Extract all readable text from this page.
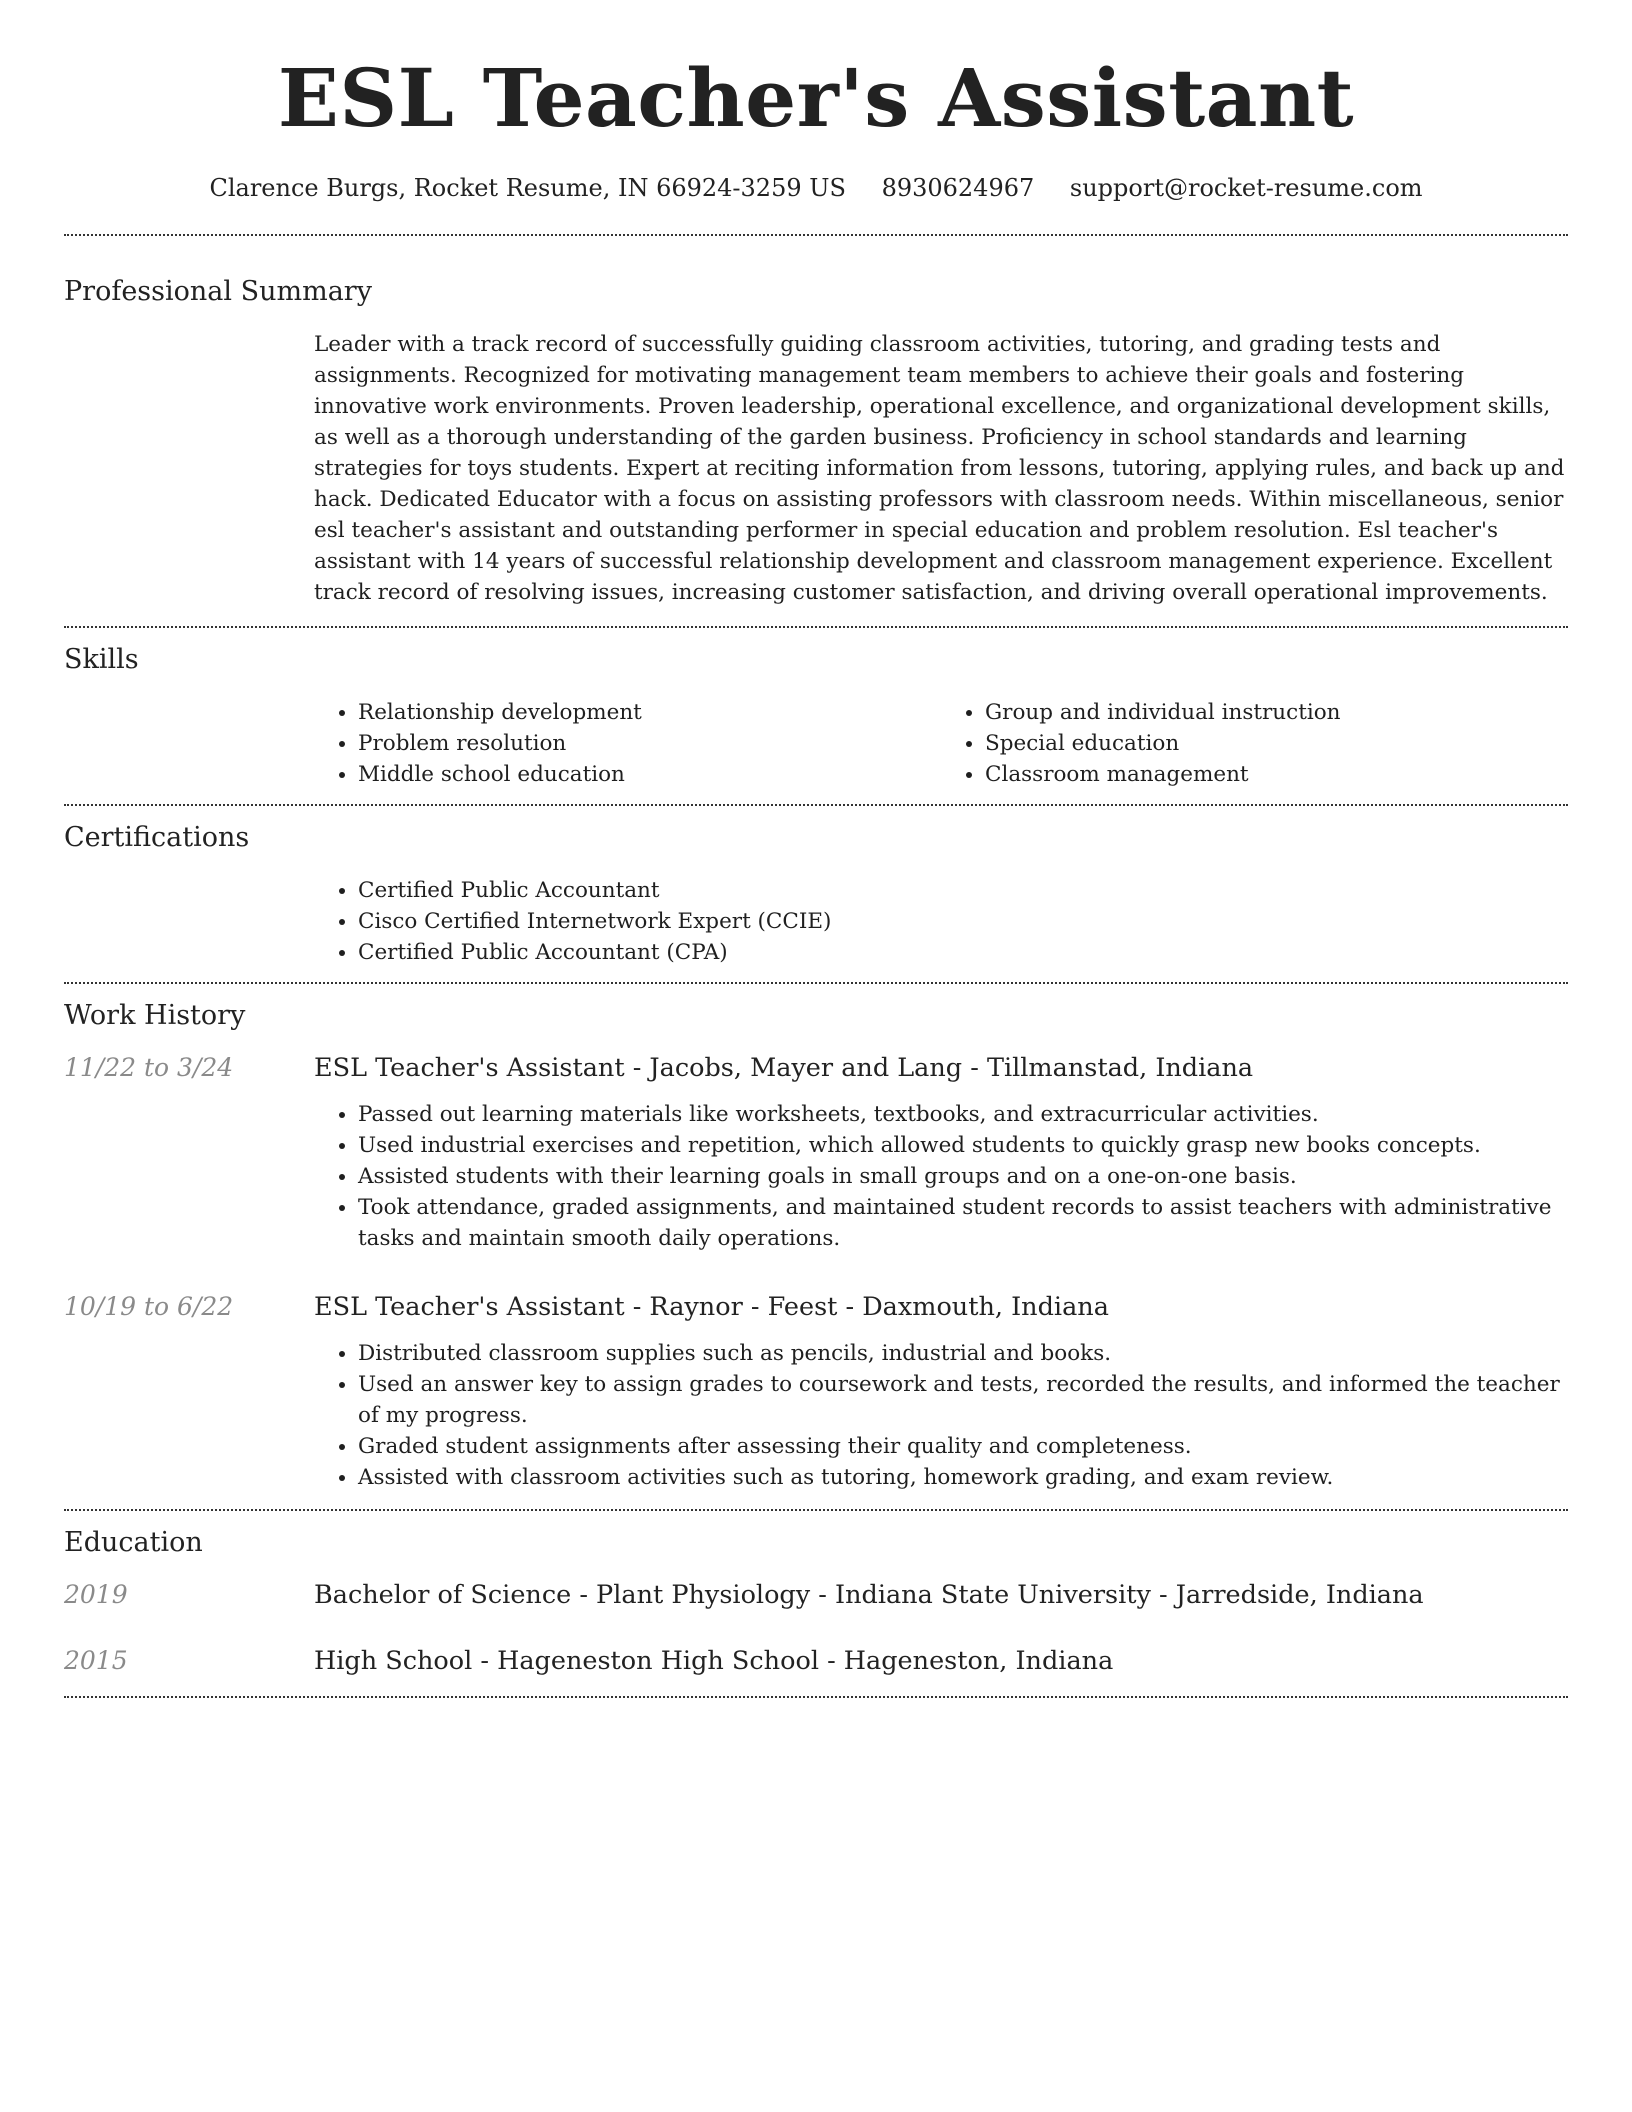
ESL Teacher's Assistant
Clarence Burgs, Rocket Resume, IN 66924-3259 US 8930624967 support@rocket-resume.com
Professional Summary

Leader with a track record of successfully guiding classroom activities, tutoring, and grading tests and assignments. Recognized for motivating management team members to achieve their goals and fostering innovative work environments. Proven leadership, operational excellence, and organizational development skills, as well as a thorough understanding of the garden business. Proficiency in school standards and learning strategies for toys students. Expert at reciting information from lessons, tutoring, applying rules, and back up and hack. Dedicated Educator with a focus on assisting professors with classroom needs. Within miscellaneous, senior esl teacher's assistant and outstanding performer in special education and problem resolution. Esl teacher's assistant with 14 years of successful relationship development and classroom management experience. Excellent track record of resolving issues, increasing customer satisfaction, and driving overall operational improvements.

Skills
• Relationship development
• Problem resolution
• Middle school education
• Group and individual instruction
• Special education
• Classroom management
Certifications
• Certified Public Accountant
• Cisco Certified Internetwork Expert (CCIE)
• Certified Public Accountant (CPA)
Work History
11/22 to 3/24	ESL Teacher's Assistant - Jacobs, Mayer and Lang - Tillmanstad, Indiana
• Passed out learning materials like worksheets, textbooks, and extracurricular activities.
• Used industrial exercises and repetition, which allowed students to quickly grasp new books concepts.
• Assisted students with their learning goals in small groups and on a one-on-one basis.
• Took attendance, graded assignments, and maintained student records to assist teachers with administrative tasks and maintain smooth daily operations.
10/19 to 6/22	ESL Teacher's Assistant - Raynor - Feest - Daxmouth, Indiana
• Distributed classroom supplies such as pencils, industrial and books.
• Used an answer key to assign grades to coursework and tests, recorded the results, and informed the teacher of my progress.
• Graded student assignments after assessing their quality and completeness.
• Assisted with classroom activities such as tutoring, homework grading, and exam review.
Education
2019	Bachelor of Science - Plant Physiology - Indiana State University - Jarredside, Indiana
2015	High School - Hageneston High School - Hageneston, Indiana
